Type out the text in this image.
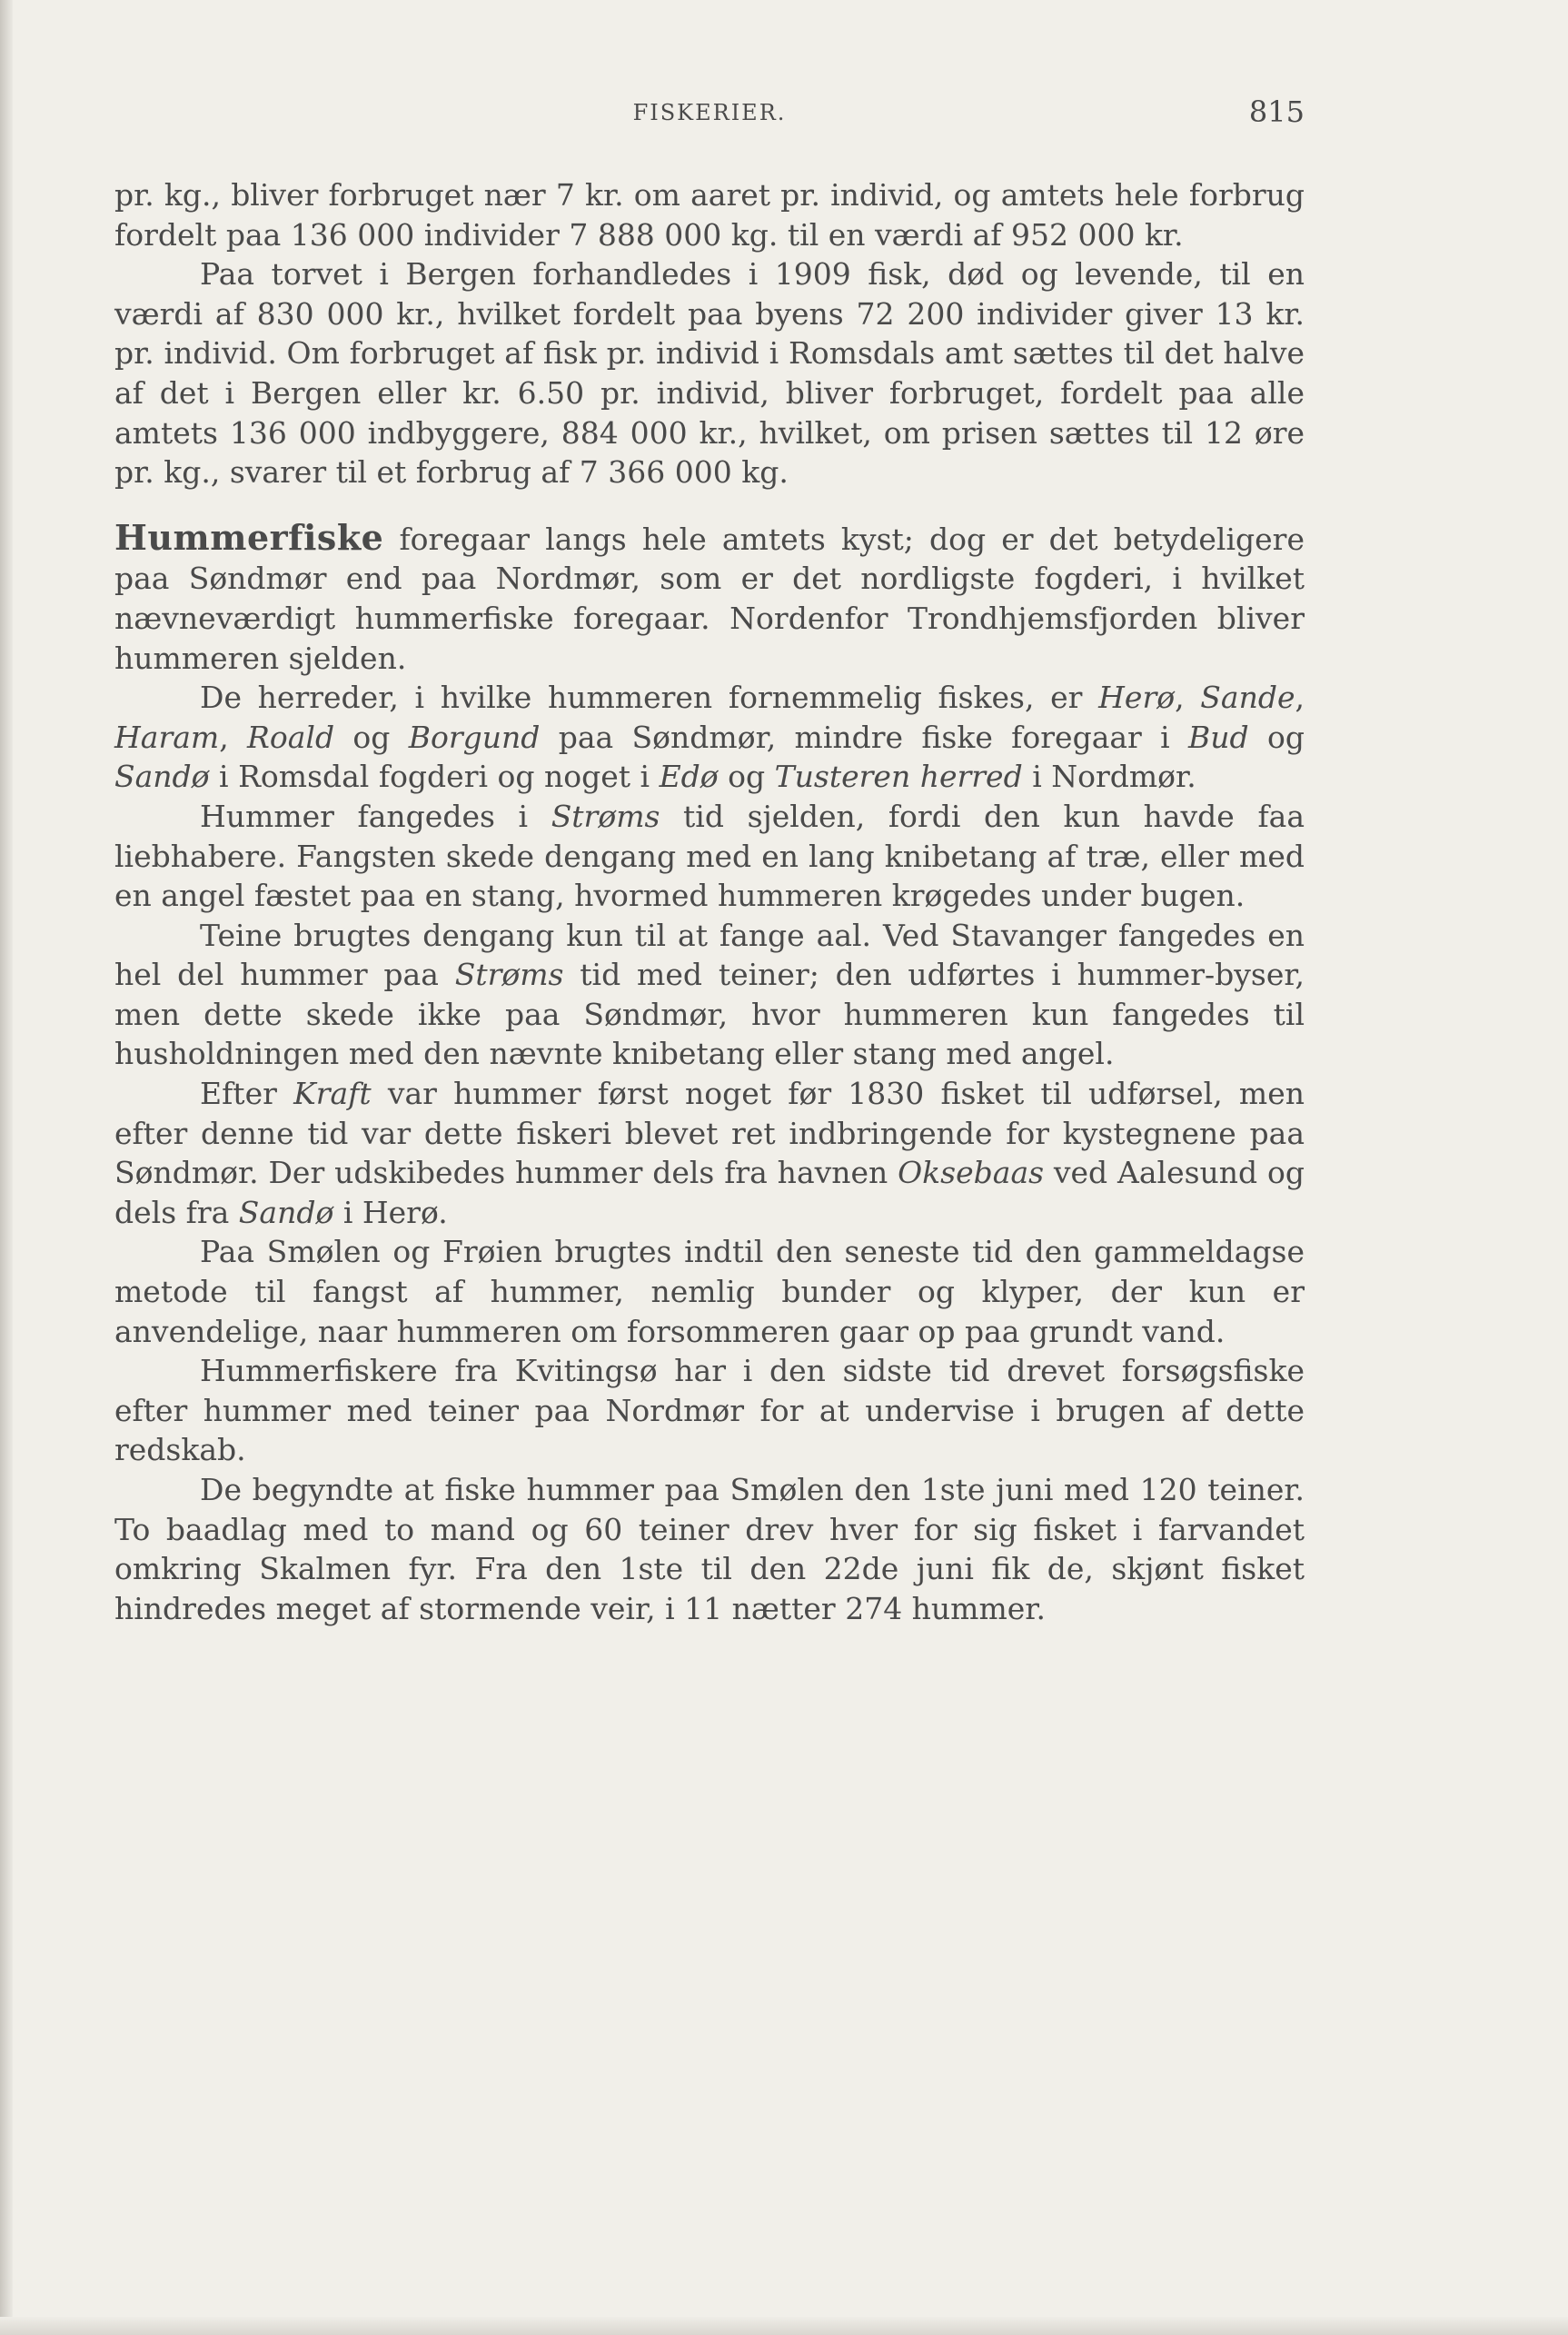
FISKERIER.	815

pr. kg., bliver forbruget nær 7 kr. om aaret pr. individ, og amtets hele forbrug fordelt paa 136 000 individer 7 888 000 kg. til en værdi af 952 000 kr.

Paa torvet i Bergen forhandledes i 1909 fisk, død og levende, til en værdi af 830 000 kr., hvilket fordelt paa byens 72 200 individer giver 13 kr. pr. individ. Om forbruget af fisk pr. individ i Romsdals amt sættes til det halve af det i Bergen eller kr. 6.50 pr. individ, bliver forbruget, fordelt paa alle amtets 136 000 indbyggere, 884 000 kr., hvilket, om prisen sættes til 12 øre pr. kg., svarer til et forbrug af 7 366 000 kg.

Hummerfiske foregaar langs hele amtets kyst; dog er det betydeligere paa Søndmør end paa Nordmør, som er det nordligste fogderi, i hvilket nævneværdigt hummerfiske foregaar. Nordenfor Trondhjemsfjorden bliver hummeren sjelden.

De herreder, i hvilke hummeren fornemmelig fiskes, er Herø, Sande, Haram, Roald og Borgund paa Søndmør, mindre fiske foregaar i Bud og Sandø i Romsdal fogderi og noget i Edø og Tusteren herred i Nordmør.

Hummer fangedes i Strøms tid sjelden, fordi den kun havde faa liebhabere. Fangsten skede dengang med en lang knibetang af træ, eller med en angel fæstet paa en stang, hvormed hummeren krøgedes under bugen.

Teine brugtes dengang kun til at fange aal. Ved Stavanger fangedes en hel del hummer paa Strøms tid med teiner; den udførtes i hummer-byser, men dette skede ikke paa Søndmør, hvor hummeren kun fangedes til husholdningen med den nævnte knibetang eller stang med angel.

Efter Kraft var hummer først noget før 1830 fisket til udførsel, men efter denne tid var dette fiskeri blevet ret indbringende for kystegnene paa Søndmør. Der udskibedes hummer dels fra havnen Oksebaas ved Aalesund og dels fra Sandø i Herø.

Paa Smølen og Frøien brugtes indtil den seneste tid den gammeldagse metode til fangst af hummer, nemlig bunder og klyper, der kun er anvendelige, naar hummeren om forsommeren gaar op paa grundt vand.

Hummerfiskere fra Kvitingsø har i den sidste tid drevet forsøgsfiske efter hummer med teiner paa Nordmør for at undervise i brugen af dette redskab.

De begyndte at fiske hummer paa Smølen den 1ste juni med 120 teiner. To baadlag med to mand og 60 teiner drev hver for sig fisket i farvandet omkring Skalmen fyr. Fra den 1ste til den 22de juni fik de, skjønt fisket hindredes meget af stormende veir, i 11 nætter 274 hummer.
